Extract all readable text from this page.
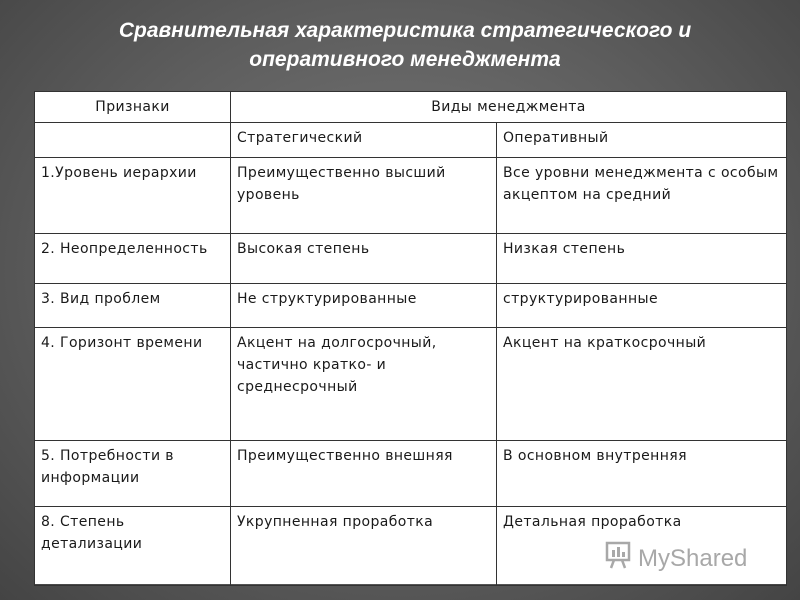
Сравнительная характеристика стратегического и
оперативного менеджмента
Признаки	Виды менеджмента	
	Стратегический	Оперативный
1.Уровень иерархии	Преимущественно высший уровень	Все уровни менеджмента с особым акцептом на средний
2. Неопределенность	Высокая степень	Низкая степень
3. Вид проблем	Не структурированные	структурированные
4. Горизонт времени	Акцент на долгосрочный, частично кратко- и среднесрочный	Акцент на краткосрочный
5. Потребности в информации	Преимущественно внешняя	В основном внутренняя
8. Степень детализации	Укрупненная проработка	Детальная проработка
MyShared
